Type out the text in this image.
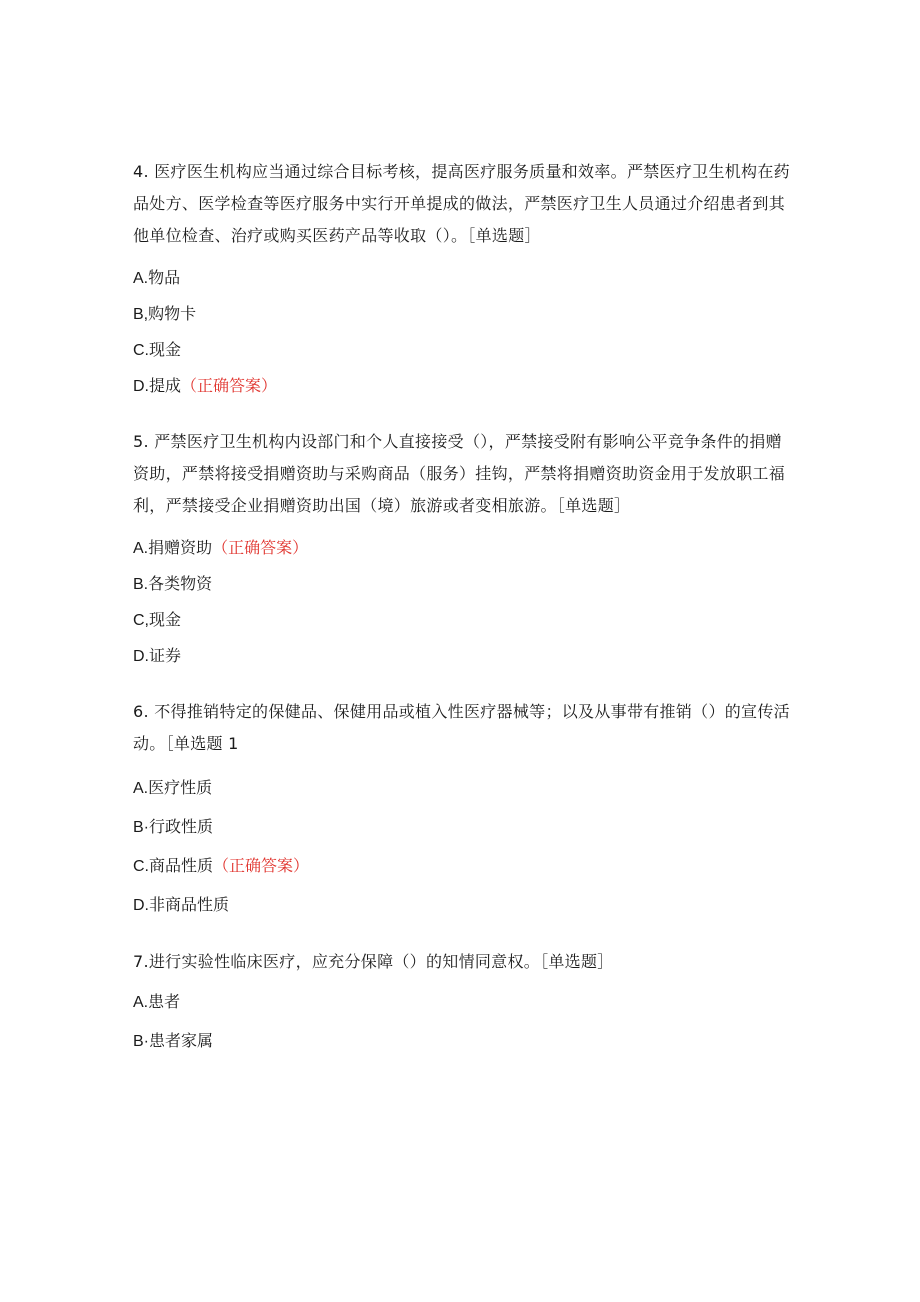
4. 医疗医生机构应当通过综合目标考核，提高医疗服务质量和效率。严禁医疗卫生机构在药品处方、医学检查等医疗服务中实行开单提成的做法，严禁医疗卫生人员通过介绍患者到其他单位检查、治疗或购买医药产品等收取（）。［单选题］

A.物品
B,购物卡
C.现金
D.提成（正确答案）

5. 严禁医疗卫生机构内设部门和个人直接接受（），严禁接受附有影响公平竞争条件的捐赠资助，严禁将接受捐赠资助与采购商品（服务）挂钩，严禁将捐赠资助资金用于发放职工福利，严禁接受企业捐赠资助出国（境）旅游或者变相旅游。［单选题］

A.捐赠资助（正确答案）
B.各类物资
C,现金
D.证券

6. 不得推销特定的保健品、保健用品或植入性医疗器械等；以及从事带有推销（）的宣传活动。［单选题 1

A.医疗性质
B·行政性质
C.商品性质（正确答案）
D.非商品性质

7.进行实验性临床医疗，应充分保障（）的知情同意权。［单选题］

A.患者
B·患者家属
